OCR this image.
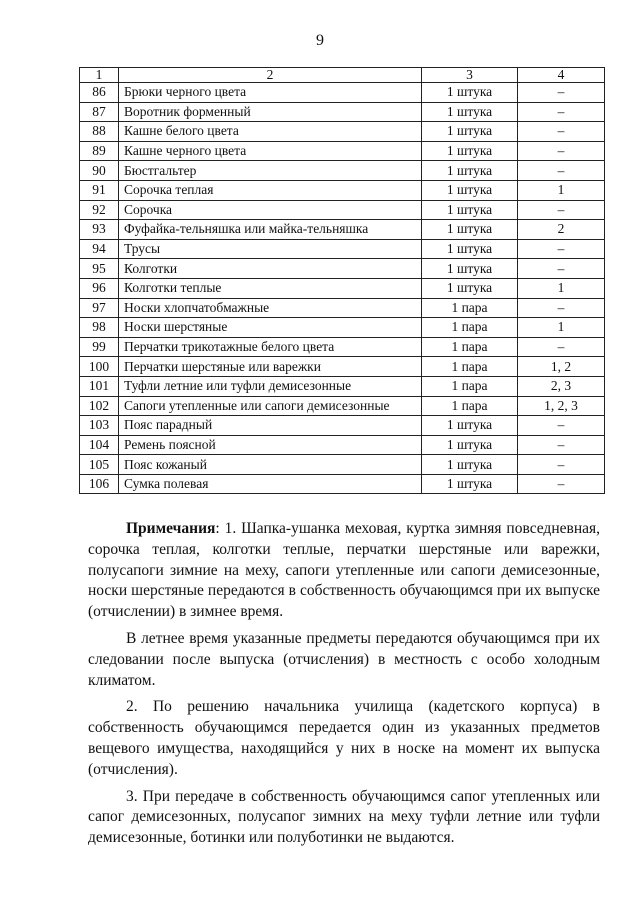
9
1	2	3	4
86	Брюки черного цвета	1 штука	–
87	Воротник форменный	1 штука	–
88	Кашне белого цвета	1 штука	–
89	Кашне черного цвета	1 штука	–
90	Бюстгальтер	1 штука	–
91	Сорочка теплая	1 штука	1
92	Сорочка	1 штука	–
93	Фуфайка-тельняшка или майка-тельняшка	1 штука	2
94	Трусы	1 штука	–
95	Колготки	1 штука	–
96	Колготки теплые	1 штука	1
97	Носки хлопчатобмажные	1 пара	–
98	Носки шерстяные	1 пара	1
99	Перчатки трикотажные белого цвета	1 пара	–
100	Перчатки шерстяные или варежки	1 пара	1, 2
101	Туфли летние или туфли демисезонные	1 пара	2, 3
102	Сапоги утепленные или сапоги демисезонные	1 пара	1, 2, 3
103	Пояс парадный	1 штука	–
104	Ремень поясной	1 штука	–
105	Пояс кожаный	1 штука	–
106	Сумка полевая	1 штука	–

Примечания: 1. Шапка-ушанка меховая, куртка зимняя повседневная, сорочка теплая, колготки теплые, перчатки шерстяные или варежки, полусапоги зимние на меху, сапоги утепленные или сапоги демисезонные, носки шерстяные передаются в собственность обучающимся при их выпуске (отчислении) в зимнее время.

В летнее время указанные предметы передаются обучающимся при их следовании после выпуска (отчисления) в местность с особо холодным климатом.

2. По решению начальника училища (кадетского корпуса) в собственность обучающимся передается один из указанных предметов вещевого имущества, находящийся у них в носке на момент их выпуска (отчисления).

3. При передаче в собственность обучающимся сапог утепленных или сапог демисезонных, полусапог зимних на меху туфли летние или туфли демисезонные, ботинки или полуботинки не выдаются.
